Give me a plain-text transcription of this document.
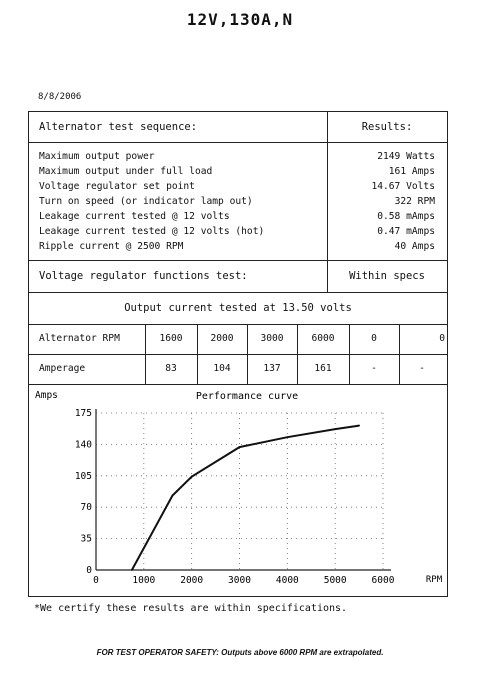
12V,130A,N
8/8/2006
Alternator test sequence:	Results:
Maximum output power	2149 Watts
Maximum output under full load	161 Amps
Voltage regulator set point	14.67 Volts
Turn on speed (or indicator lamp out)	322 RPM
Leakage current tested @ 12 volts	0.58 mAmps
Leakage current tested @ 12 volts (hot)	0.47 mAmps
Ripple current @ 2500 RPM	40 Amps
Voltage regulator functions test:	Within specs
Output current tested at 13.50 volts
Alternator RPM	1600	2000	3000	6000	0	0
Amperage	83	104	137	161	-	-
Amps	Performance curve
RPM
0
35
70
105
140
175
0	1000	2000	3000	4000	5000	6000
*We certify these results are within specifications.
FOR TEST OPERATOR SAFETY: Outputs above 6000 RPM are extrapolated.
